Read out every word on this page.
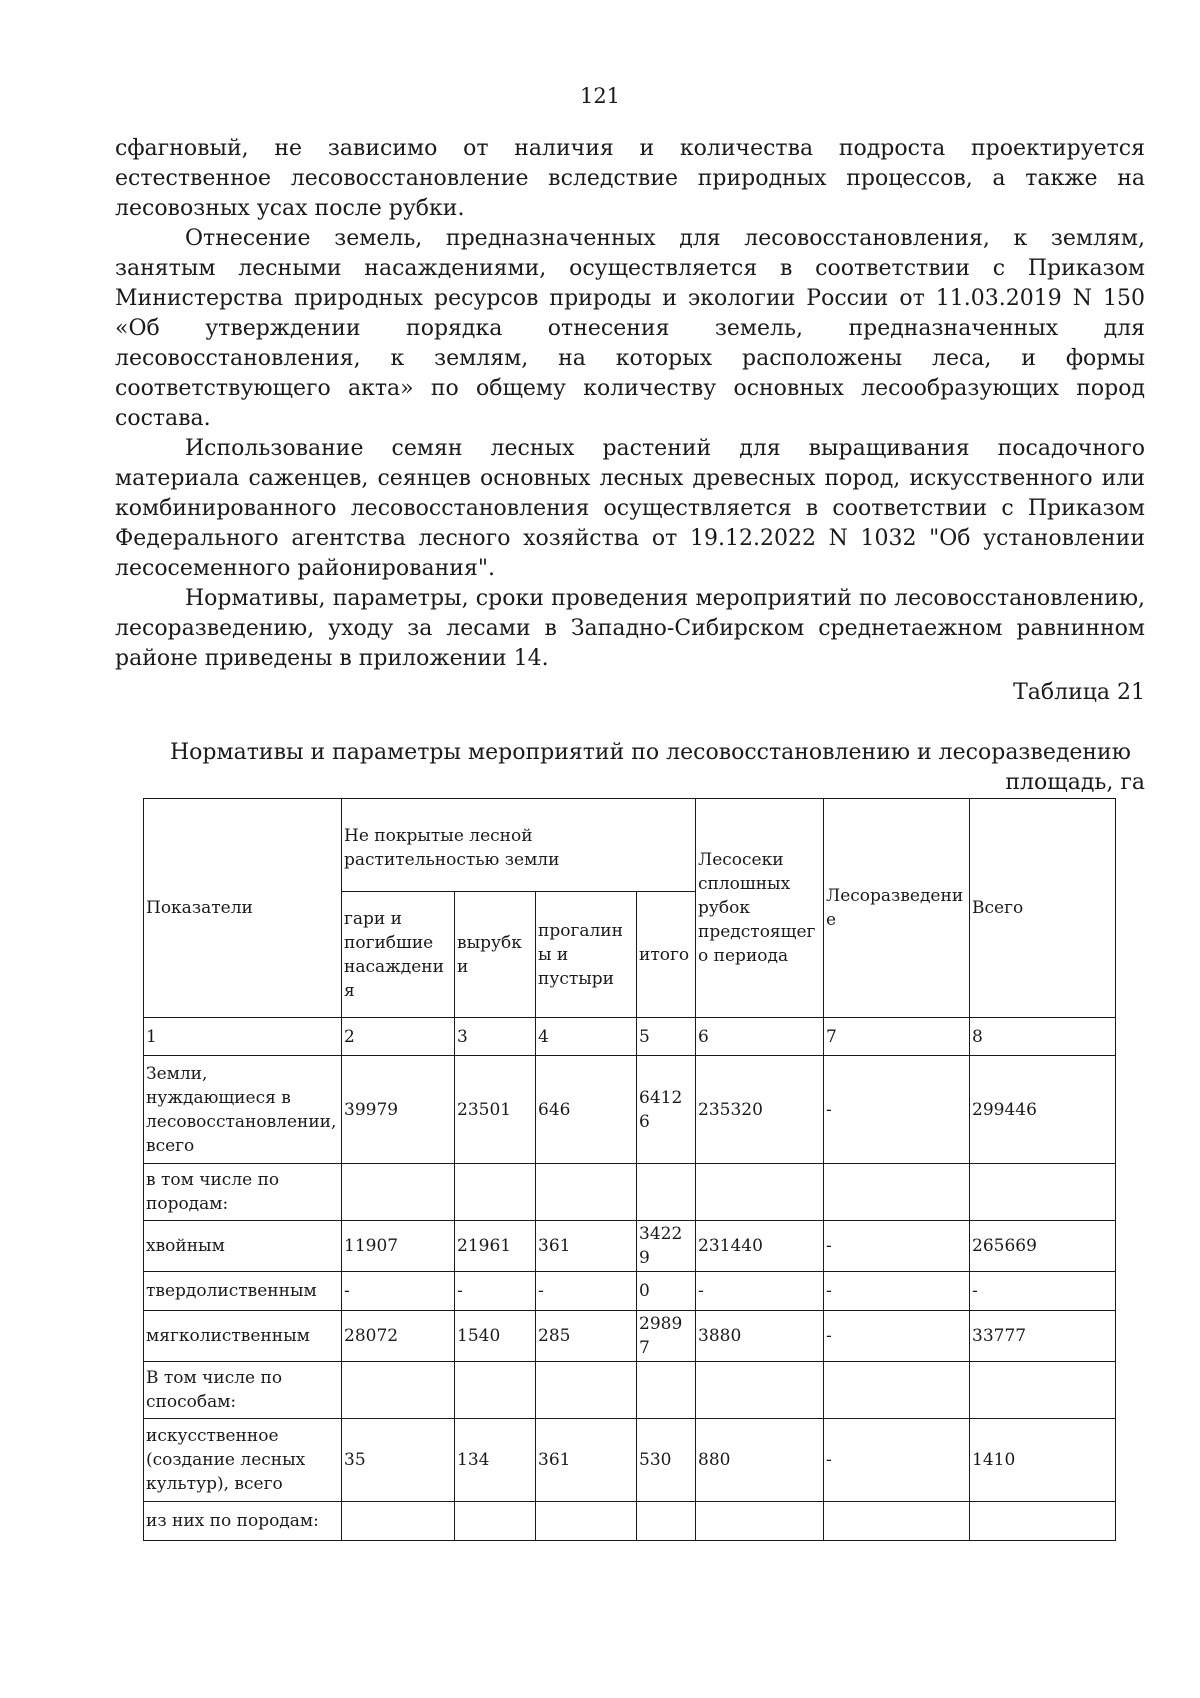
121

сфагновый, не зависимо от наличия и количества подроста проектируется естественное лесовосстановление вследствие природных процессов, а также на лесовозных усах после рубки.

Отнесение земель, предназначенных для лесовосстановления, к землям, занятым лесными насаждениями, осуществляется в соответствии с Приказом Министерства природных ресурсов природы и экологии России от 11.03.2019 N 150 «Об утверждении порядка отнесения земель, предназначенных для лесовосстановления, к землям, на которых расположены леса, и формы соответствующего акта» по общему количеству основных лесообразующих пород состава.

Использование семян лесных растений для выращивания посадочного материала саженцев, сеянцев основных лесных древесных пород, искусственного или комбинированного лесовосстановления осуществляется в соответствии с Приказом Федерального агентства лесного хозяйства от 19.12.2022 N 1032 "Об установлении лесосеменного районирования".

Нормативы, параметры, сроки проведения мероприятий по лесовосстановлению, лесоразведению, уходу за лесами в Западно-Сибирском среднетаежном равнинном районе приведены в приложении 14.

Таблица 21
Нормативы и параметры мероприятий по лесовосстановлению и лесоразведению
площадь, га
Показатели	Не покрытые лесной растительностью земли				Лесосеки сплошных рубок предстоящего периода	Лесоразведение	Всего
	гари и погибшие насаждения	вырубки	прогалины и пустыри	итого			
1	2	3	4	5	6	7	8
Земли, нуждающиеся в лесовосстановлении, всего	39979	23501	646	64126	235320	-	299446
в том числе по породам:							
хвойным	11907	21961	361	34229	231440	-	265669
твердолиственным	-	-	-	0	-	-	-
мягколиственным	28072	1540	285	29897	3880	-	33777
В том числе по способам:							
искусственное (создание лесных культур), всего	35	134	361	530	880	-	1410
из них по породам:							
